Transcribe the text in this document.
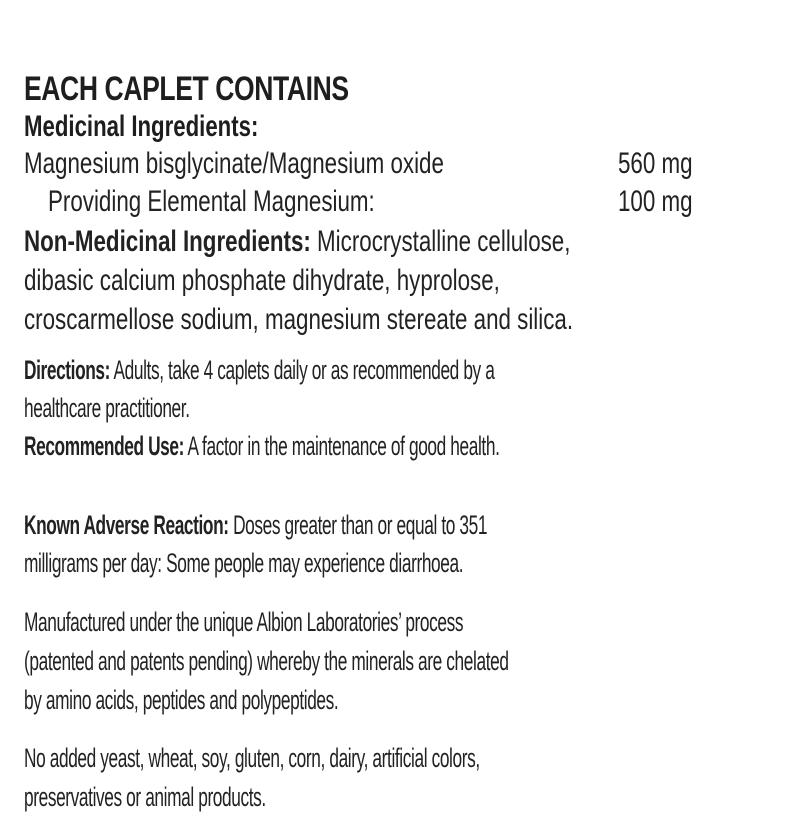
EACH CAPLET CONTAINS
Medicinal Ingredients:
Magnesium bisglycinate/Magnesium oxide	560 mg
Providing Elemental Magnesium:	100 mg
Non-Medicinal Ingredients: Microcrystalline cellulose,
dibasic calcium phosphate dihydrate, hyprolose,
croscarmellose sodium, magnesium stereate and silica.
Directions: Adults, take 4 caplets daily or as recommended by a
healthcare practitioner.
Recommended Use: A factor in the maintenance of good health.
Known Adverse Reaction: Doses greater than or equal to 351
milligrams per day: Some people may experience diarrhoea.
Manufactured under the unique Albion Laboratories’ process
(patented and patents pending) whereby the minerals are chelated
by amino acids, peptides and polypeptides.
No added yeast, wheat, soy, gluten, corn, dairy, artificial colors,
preservatives or animal products.
